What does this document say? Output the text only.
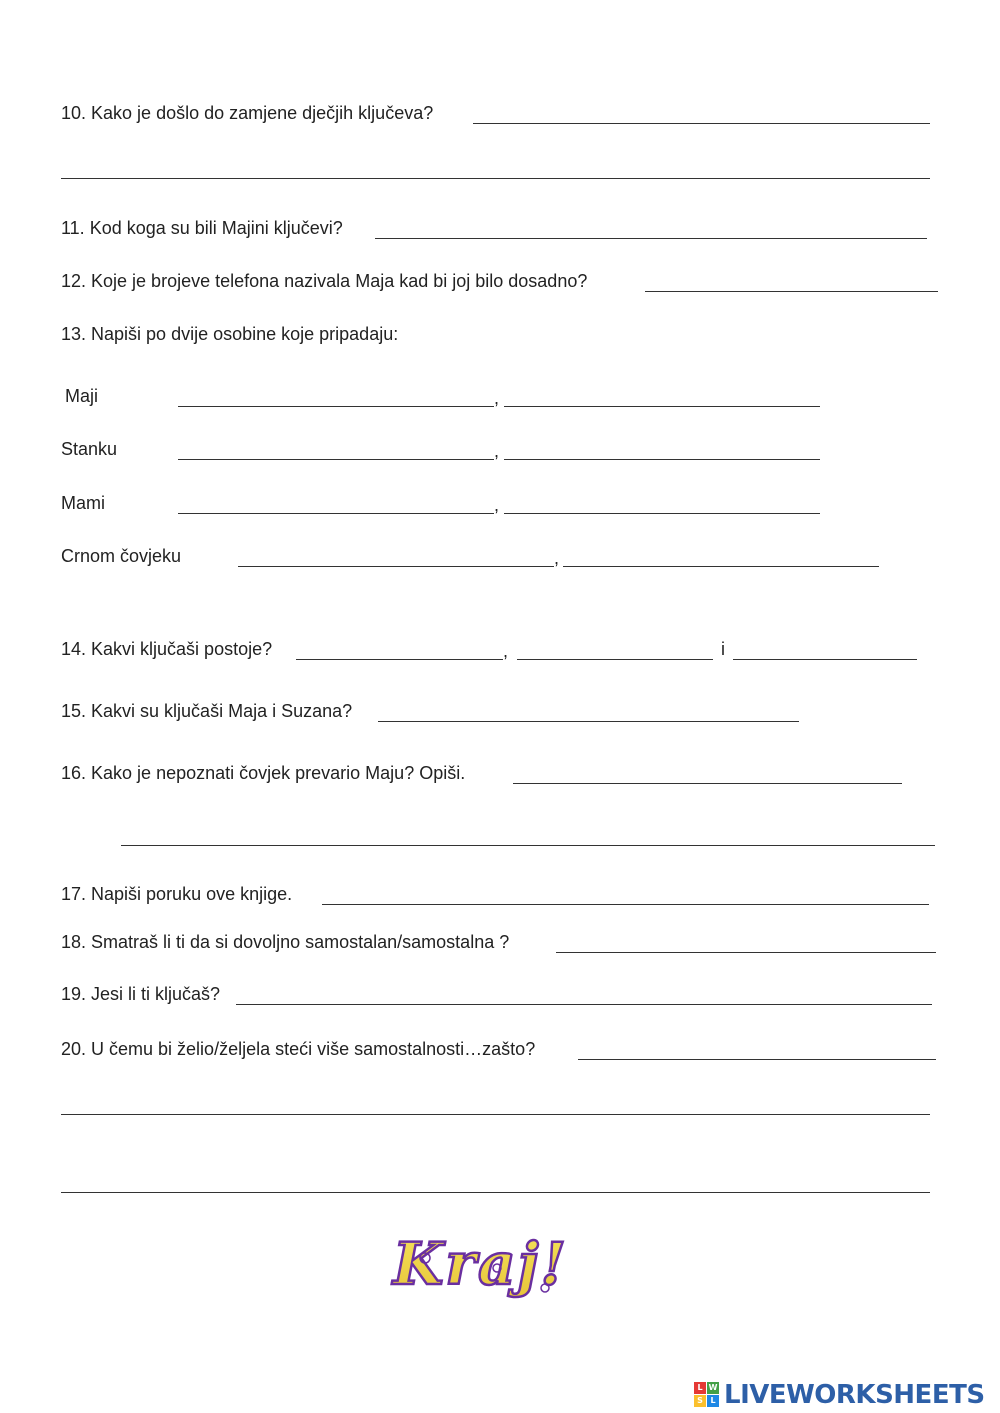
10. Kako je došlo do zamjene dječjih ključeva?
11. Kod koga su bili Majini ključevi?
12. Koje je brojeve telefona nazivala Maja kad bi joj bilo dosadno?
13. Napiši po dvije osobine koje pripadaju:
Maji	,
Stanku	,
Mami	,
Crnom čovjeku	,
14. Kakvi ključaši postoje?	,	i
15. Kakvi su ključaši Maja i Suzana?
16. Kako je nepoznati čovjek prevario Maju? Opiši.
17. Napiši poruku ove knjige.
18. Smatraš li ti da si dovoljno samostalan/samostalna ?
19. Jesi li ti ključaš?
20. U čemu bi želio/željela steći više samostalnosti…zašto?
Kraj!
L W
S L LIVEWORKSHEETS
